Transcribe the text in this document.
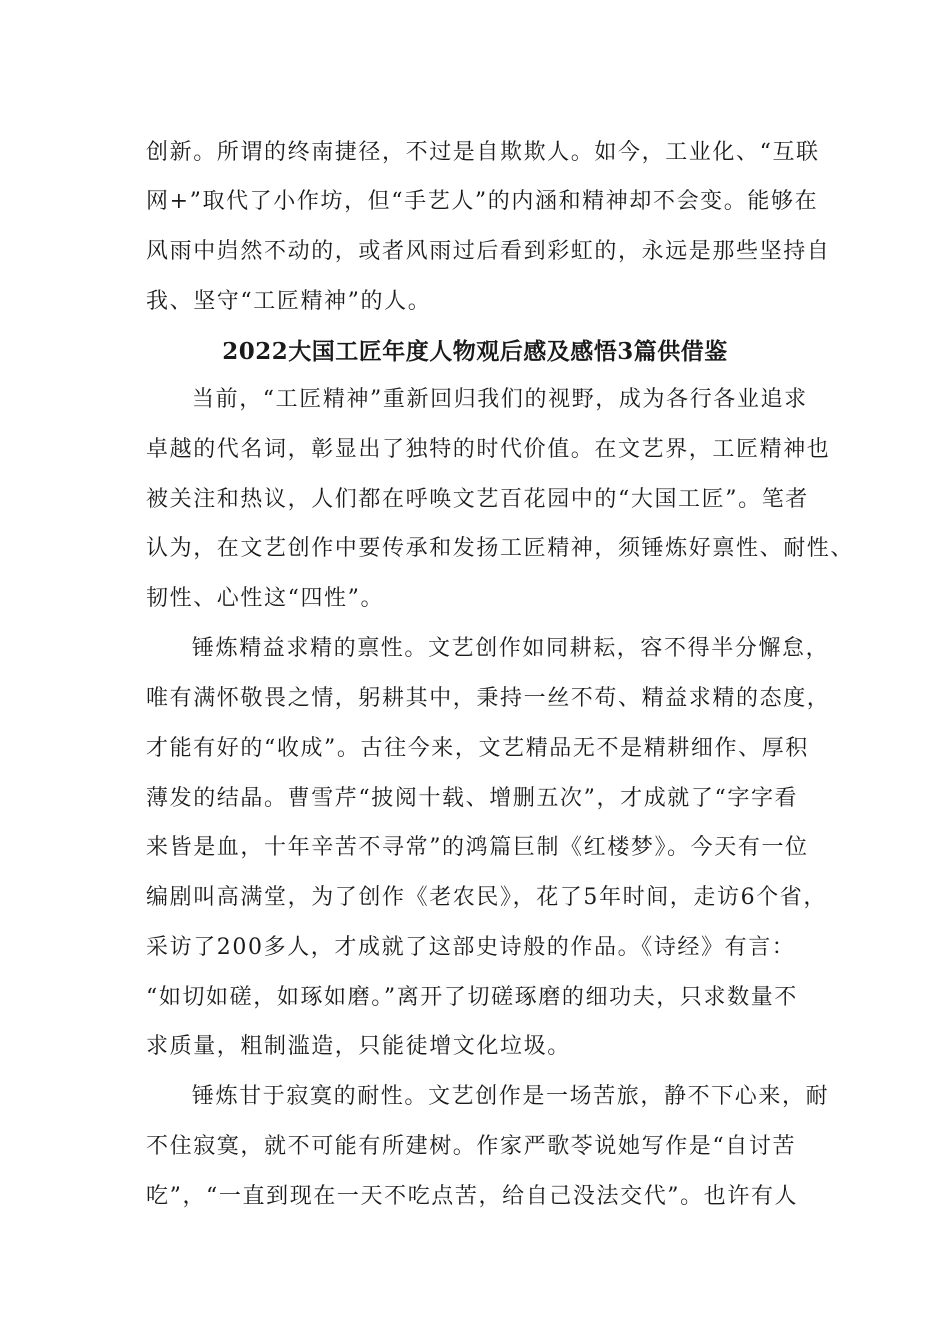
创新。所谓的终南捷径，不过是自欺欺人。如今，工业化、“互联
网+”取代了小作坊，但“手艺人”的内涵和精神却不会变。能够在
风雨中岿然不动的，或者风雨过后看到彩虹的，永远是那些坚持自
我、坚守“工匠精神”的人。
2022大国工匠年度人物观后感及感悟3篇供借鉴
当前，“工匠精神”重新回归我们的视野，成为各行各业追求
卓越的代名词，彰显出了独特的时代价值。在文艺界，工匠精神也
被关注和热议，人们都在呼唤文艺百花园中的“大国工匠”。笔者
认为，在文艺创作中要传承和发扬工匠精神，须锤炼好禀性、耐性、
韧性、心性这“四性”。
锤炼精益求精的禀性。文艺创作如同耕耘，容不得半分懈怠，
唯有满怀敬畏之情，躬耕其中，秉持一丝不苟、精益求精的态度，
才能有好的“收成”。古往今来，文艺精品无不是精耕细作、厚积
薄发的结晶。曹雪芹“披阅十载、增删五次”，才成就了“字字看
来皆是血，十年辛苦不寻常”的鸿篇巨制《红楼梦》。今天有一位
编剧叫高满堂，为了创作《老农民》，花了5年时间，走访6个省，
采访了200多人，才成就了这部史诗般的作品。《诗经》有言：
“如切如磋，如琢如磨。”离开了切磋琢磨的细功夫，只求数量不
求质量，粗制滥造，只能徒增文化垃圾。
锤炼甘于寂寞的耐性。文艺创作是一场苦旅，静不下心来，耐
不住寂寞，就不可能有所建树。作家严歌苓说她写作是“自讨苦
吃”，“一直到现在一天不吃点苦，给自己没法交代”。也许有人
